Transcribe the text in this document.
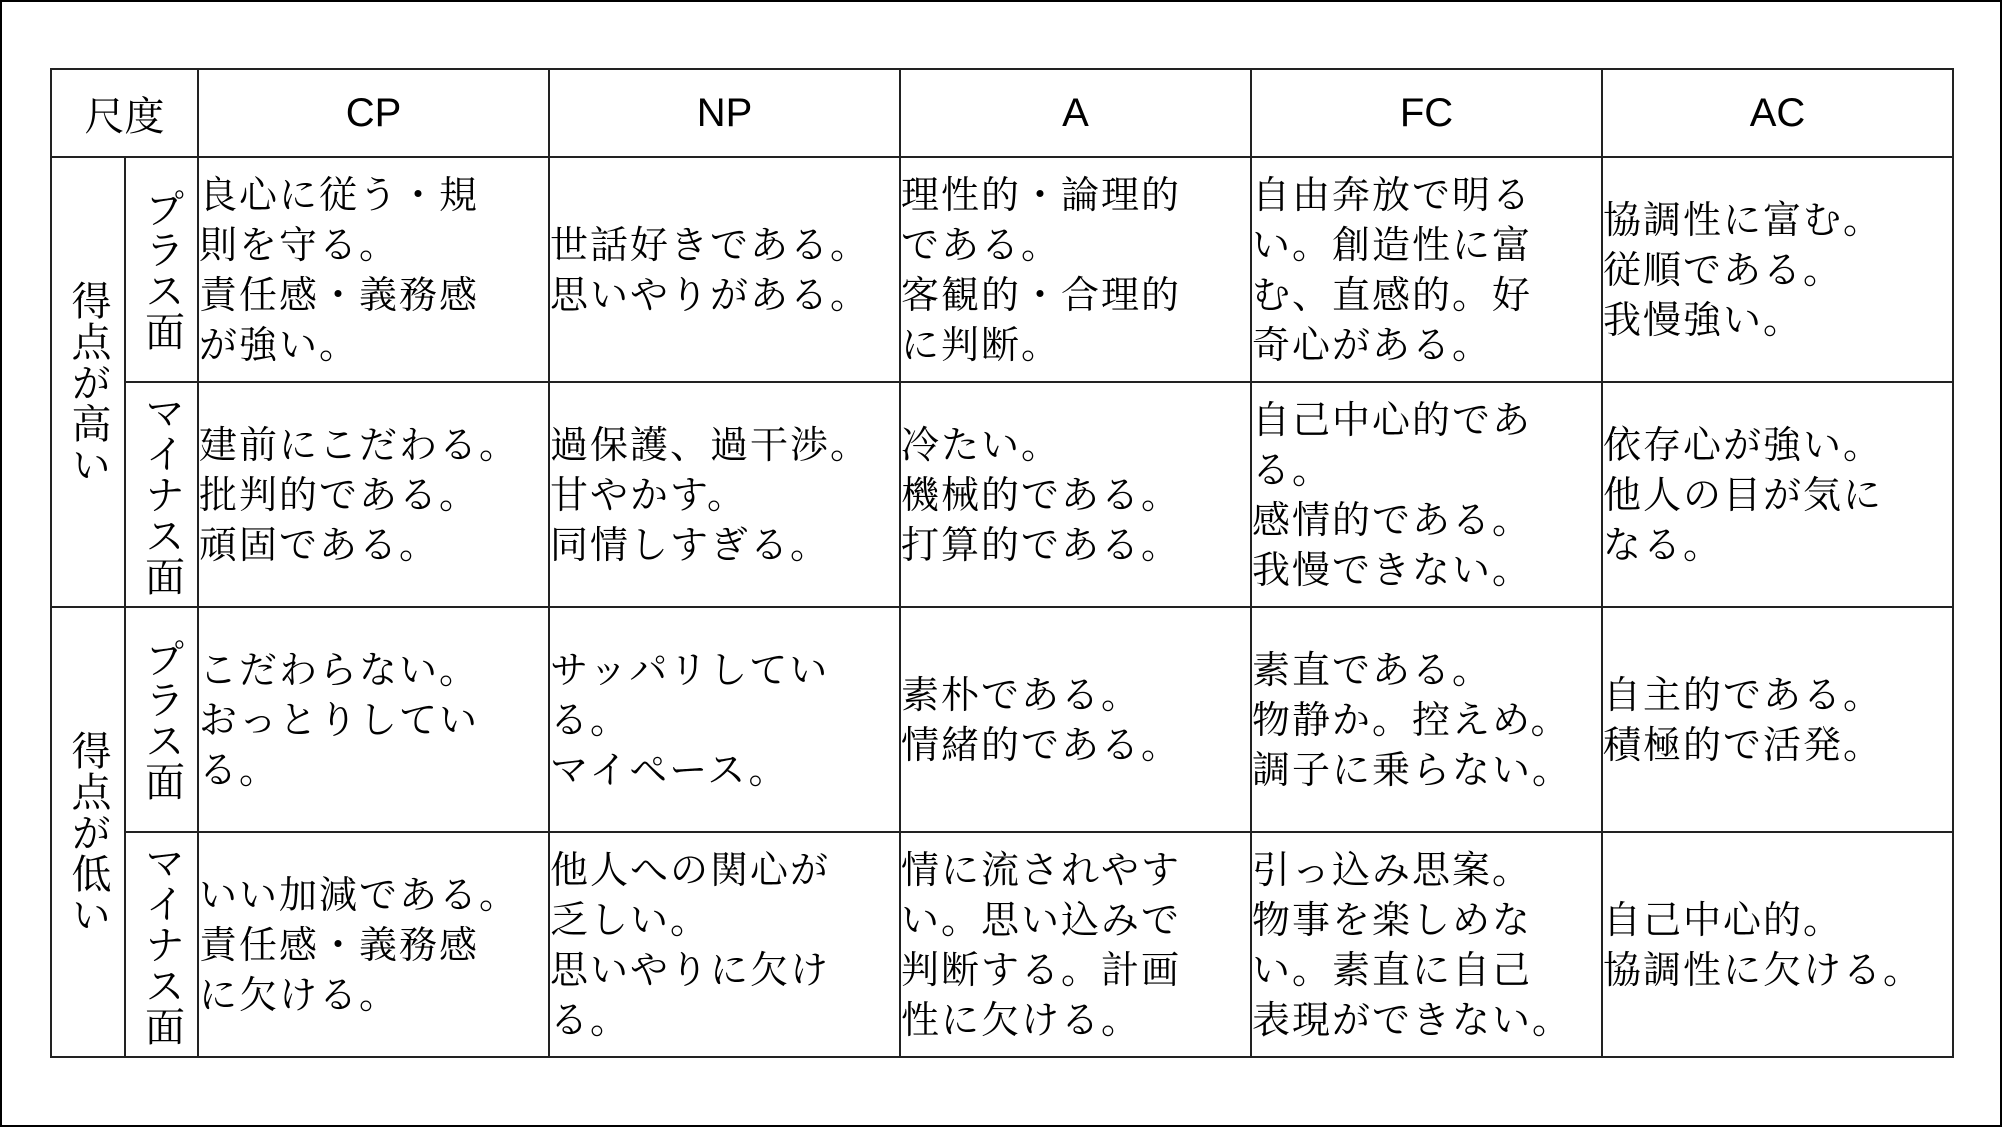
尺度		CP	NP	A	FC	AC

得点が高い	プラス面	良心に従う・規
則を守る。
責任感・義務感
が強い。	世話好きである。
思いやりがある。	理性的・論理的
である。
客観的・合理的
に判断。	自由奔放で明る
い。創造性に富
む、直感的。好
奇心がある。	協調性に富む。
従順である。
我慢強い。

	マイナス面	建前にこだわる。
批判的である。
頑固である。	過保護、過干渉。
甘やかす。
同情しすぎる。	冷たい。
機械的である。
打算的である。	自己中心的であ
る。
感情的である。
我慢できない。	依存心が強い。
他人の目が気に
なる。

得点が低い	プラス面	こだわらない。
おっとりしてい
る。	サッパリしてい
る。
マイペース。	素朴である。
情緒的である。	素直である。
物静か。控えめ。
調子に乗らない。	自主的である。
積極的で活発。

	マイナス面	いい加減である。
責任感・義務感
に欠ける。	他人への関心が
乏しい。
思いやりに欠け
る。	情に流されやす
い。思い込みで
判断する。計画
性に欠ける。	引っ込み思案。
物事を楽しめな
い。素直に自己
表現ができない。	自己中心的。
協調性に欠ける。
